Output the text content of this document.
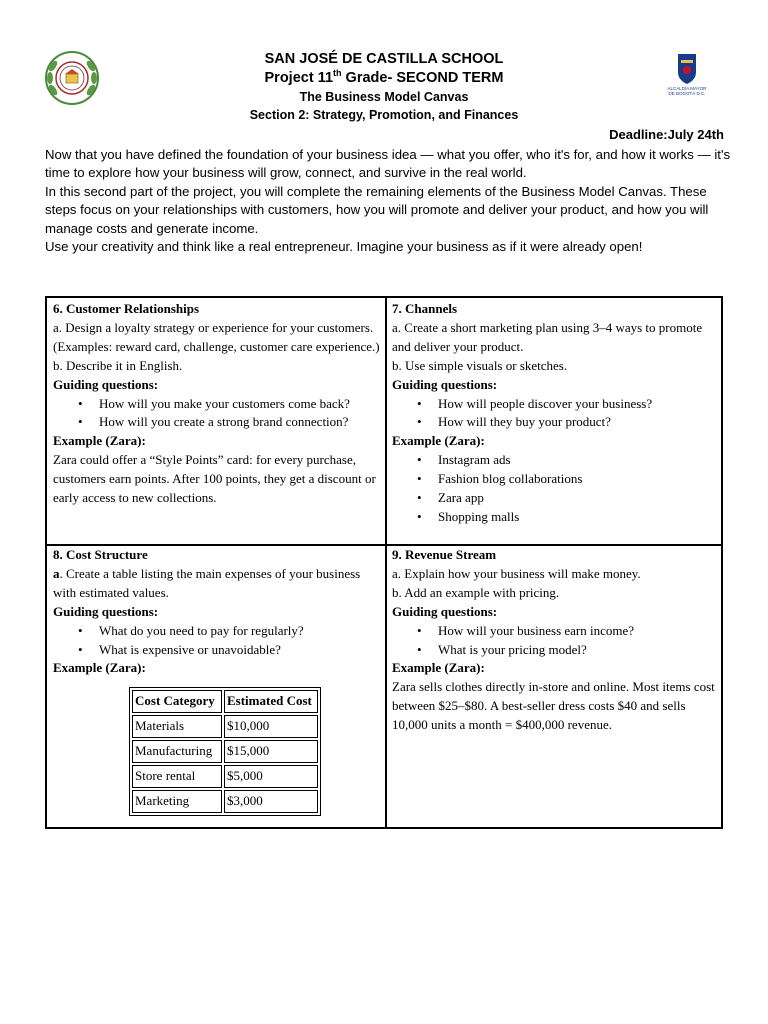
ALCALDÍA MAYOR
DE BOGOTÁ D.C.
SAN JOSÉ DE CASTILLA SCHOOL
Project 11th Grade- SECOND TERM
The Business Model Canvas
Section 2: Strategy, Promotion, and Finances
Deadline:July 24th

Now that you have defined the foundation of your business idea — what you offer, who it's for, and how it works — it's time to explore how your business will grow, connect, and survive in the real world.

In this second part of the project, you will complete the remaining elements of the Business Model Canvas. These steps focus on your relationships with customers, how you will promote and deliver your product, and how you will manage costs and generate income.

Use your creativity and think like a real entrepreneur. Imagine your business as if it were already open!

6. Customer Relationships
a. Design a loyalty strategy or experience for your customers. (Examples: reward card, challenge, customer care experience.)
b. Describe it in English.
Guiding questions:
• How will you make your customers come back?
• How will you create a strong brand connection?
Example (Zara):
Zara could offer a “Style Points” card: for every purchase, customers earn points. After 100 points, they get a discount or early access to new collections.
7. Channels
a. Create a short marketing plan using 3–4 ways to promote and deliver your product.
b. Use simple visuals or sketches.
Guiding questions:
• How will people discover your business?
• How will they buy your product?
Example (Zara):
• Instagram ads
• Fashion blog collaborations
• Zara app
• Shopping malls
8. Cost Structure
a. Create a table listing the main expenses of your business with estimated values.
Guiding questions:
• What do you need to pay for regularly?
• What is expensive or unavoidable?
Example (Zara):
Cost Category	Estimated Cost
Materials	$10,000
Manufacturing	$15,000
Store rental	$5,000
Marketing	$3,000
9. Revenue Stream
a. Explain how your business will make money.
b. Add an example with pricing.
Guiding questions:
• How will your business earn income?
• What is your pricing model?
Example (Zara):
Zara sells clothes directly in-store and online. Most items cost between $25–$80. A best-seller dress costs $40 and sells 10,000 units a month = $400,000 revenue.
